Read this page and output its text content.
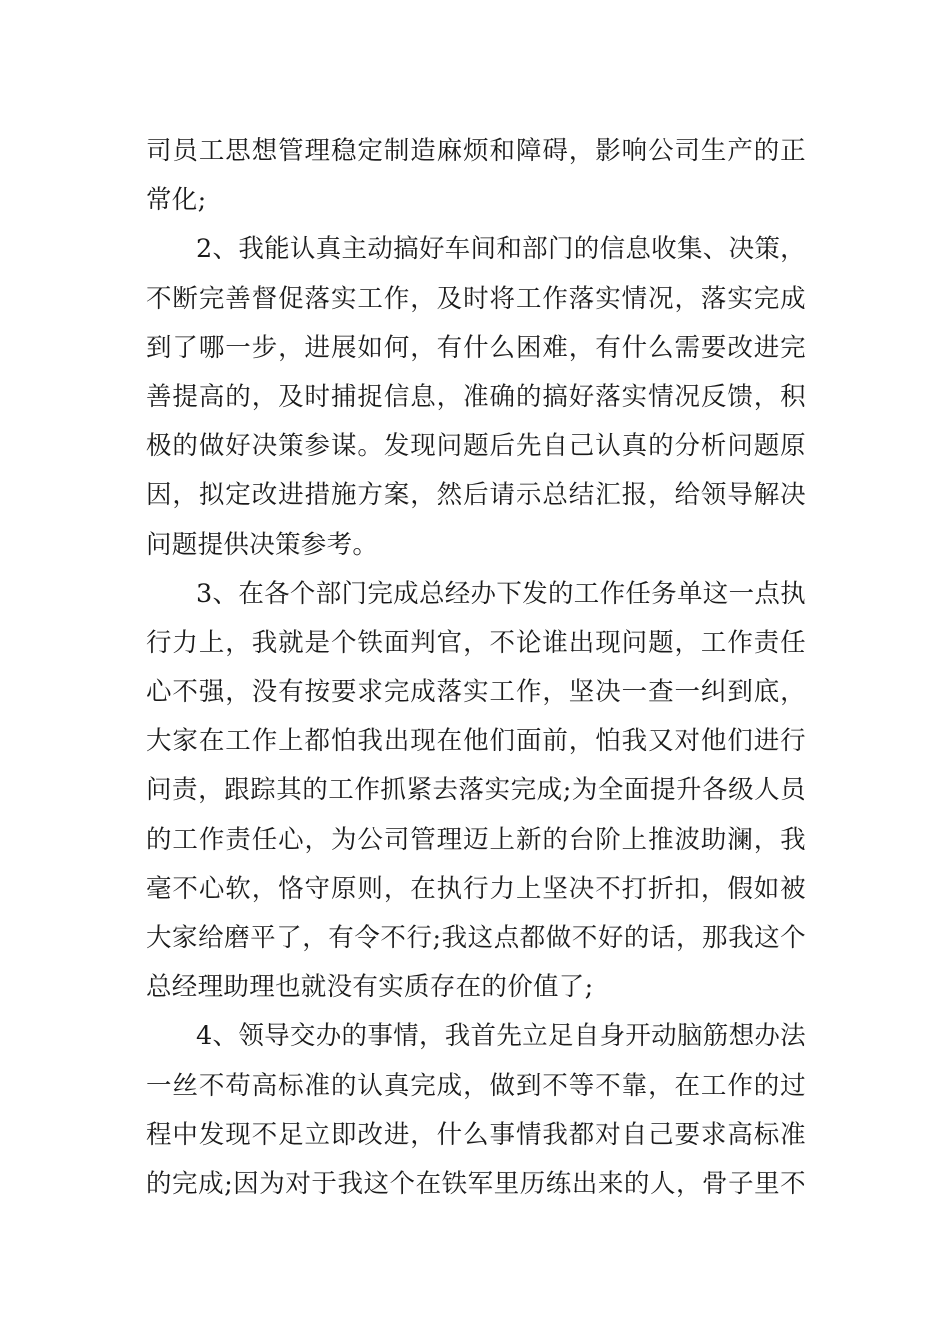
司员工思想管理稳定制造麻烦和障碍，影响公司生产的正
常化;
2、我能认真主动搞好车间和部门的信息收集、决策，
不断完善督促落实工作，及时将工作落实情况，落实完成
到了哪一步，进展如何，有什么困难，有什么需要改进完
善提高的，及时捕捉信息，准确的搞好落实情况反馈，积
极的做好决策参谋。发现问题后先自己认真的分析问题原
因，拟定改进措施方案，然后请示总结汇报，给领导解决
问题提供决策参考。
3、在各个部门完成总经办下发的工作任务单这一点执
行力上，我就是个铁面判官，不论谁出现问题，工作责任
心不强，没有按要求完成落实工作，坚决一查一纠到底，
大家在工作上都怕我出现在他们面前，怕我又对他们进行
问责，跟踪其的工作抓紧去落实完成;为全面提升各级人员
的工作责任心，为公司管理迈上新的台阶上推波助澜，我
毫不心软，恪守原则，在执行力上坚决不打折扣，假如被
大家给磨平了，有令不行;我这点都做不好的话，那我这个
总经理助理也就没有实质存在的价值了;
4、领导交办的事情，我首先立足自身开动脑筋想办法
一丝不苟高标准的认真完成，做到不等不靠，在工作的过
程中发现不足立即改进，什么事情我都对自己要求高标准
的完成;因为对于我这个在铁军里历练出来的人，骨子里不
